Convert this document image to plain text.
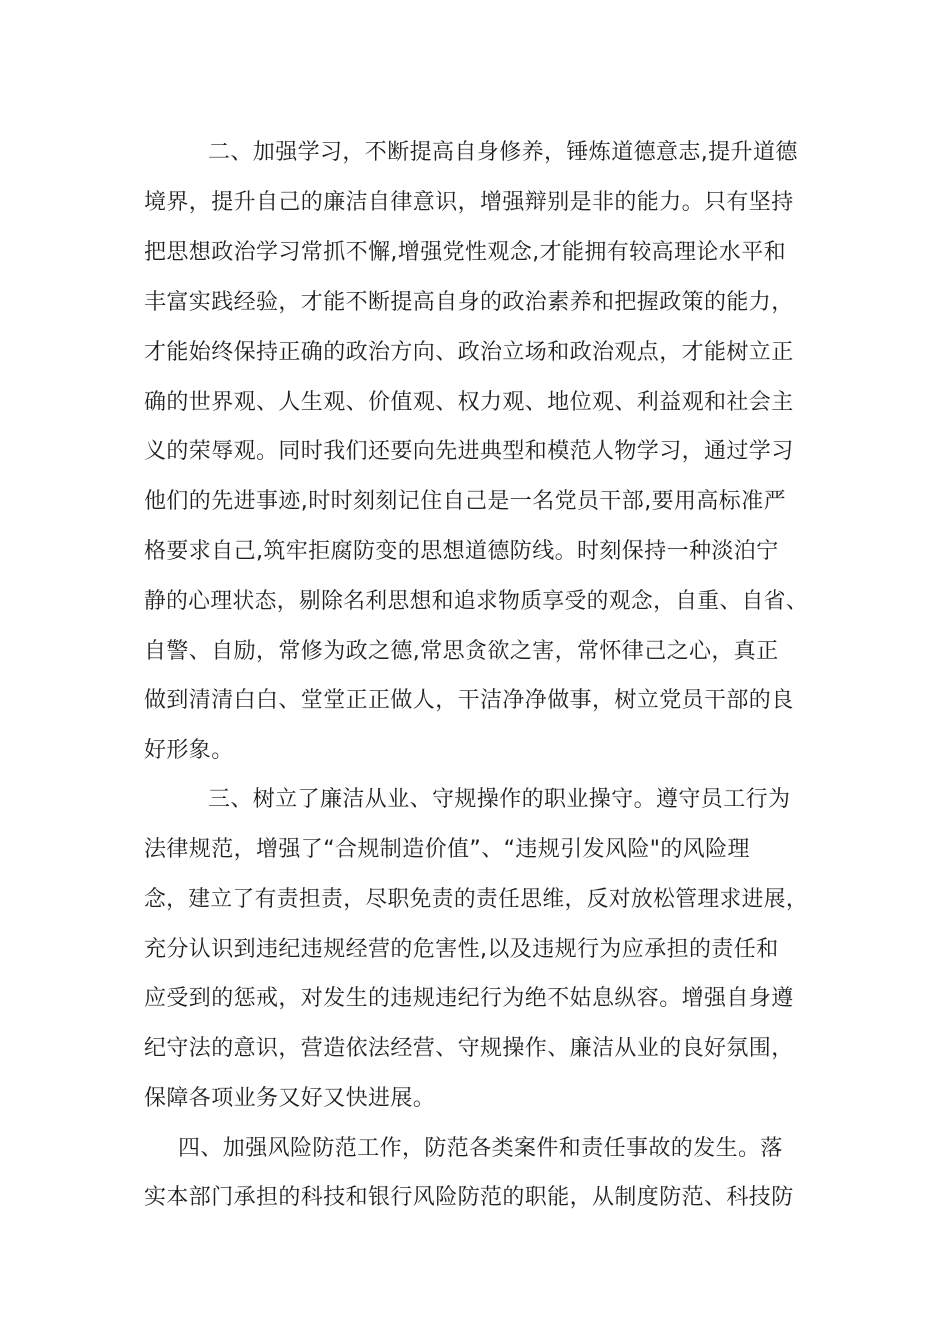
二、加强学习，不断提高自身修养，锤炼道德意志,提升道德
境界，提升自己的廉洁自律意识，增强辩别是非的能力。只有坚持
把思想政治学习常抓不懈,增强党性观念,才能拥有较高理论水平和
丰富实践经验，才能不断提高自身的政治素养和把握政策的能力，
才能始终保持正确的政治方向、政治立场和政治观点，才能树立正
确的世界观、人生观、价值观、权力观、地位观、利益观和社会主
义的荣辱观。同时我们还要向先进典型和模范人物学习，通过学习
他们的先进事迹,时时刻刻记住自己是一名党员干部,要用高标准严
格要求自己,筑牢拒腐防变的思想道德防线。时刻保持一种淡泊宁
静的心理状态，剔除名利思想和追求物质享受的观念，自重、自省、
自警、自励，常修为政之德,常思贪欲之害，常怀律己之心，真正
做到清清白白、堂堂正正做人，干洁净净做事，树立党员干部的良
好形象。
三、树立了廉洁从业、守规操作的职业操守。遵守员工行为
法律规范，增强了“合规制造价值”、“违规引发风险"的风险理
念，建立了有责担责，尽职免责的责任思维，反对放松管理求进展，
充分认识到违纪违规经营的危害性,以及违规行为应承担的责任和
应受到的惩戒，对发生的违规违纪行为绝不姑息纵容。增强自身遵
纪守法的意识，营造依法经营、守规操作、廉洁从业的良好氛围，
保障各项业务又好又快进展。
四、加强风险防范工作，防范各类案件和责任事故的发生。落
实本部门承担的科技和银行风险防范的职能，从制度防范、科技防
